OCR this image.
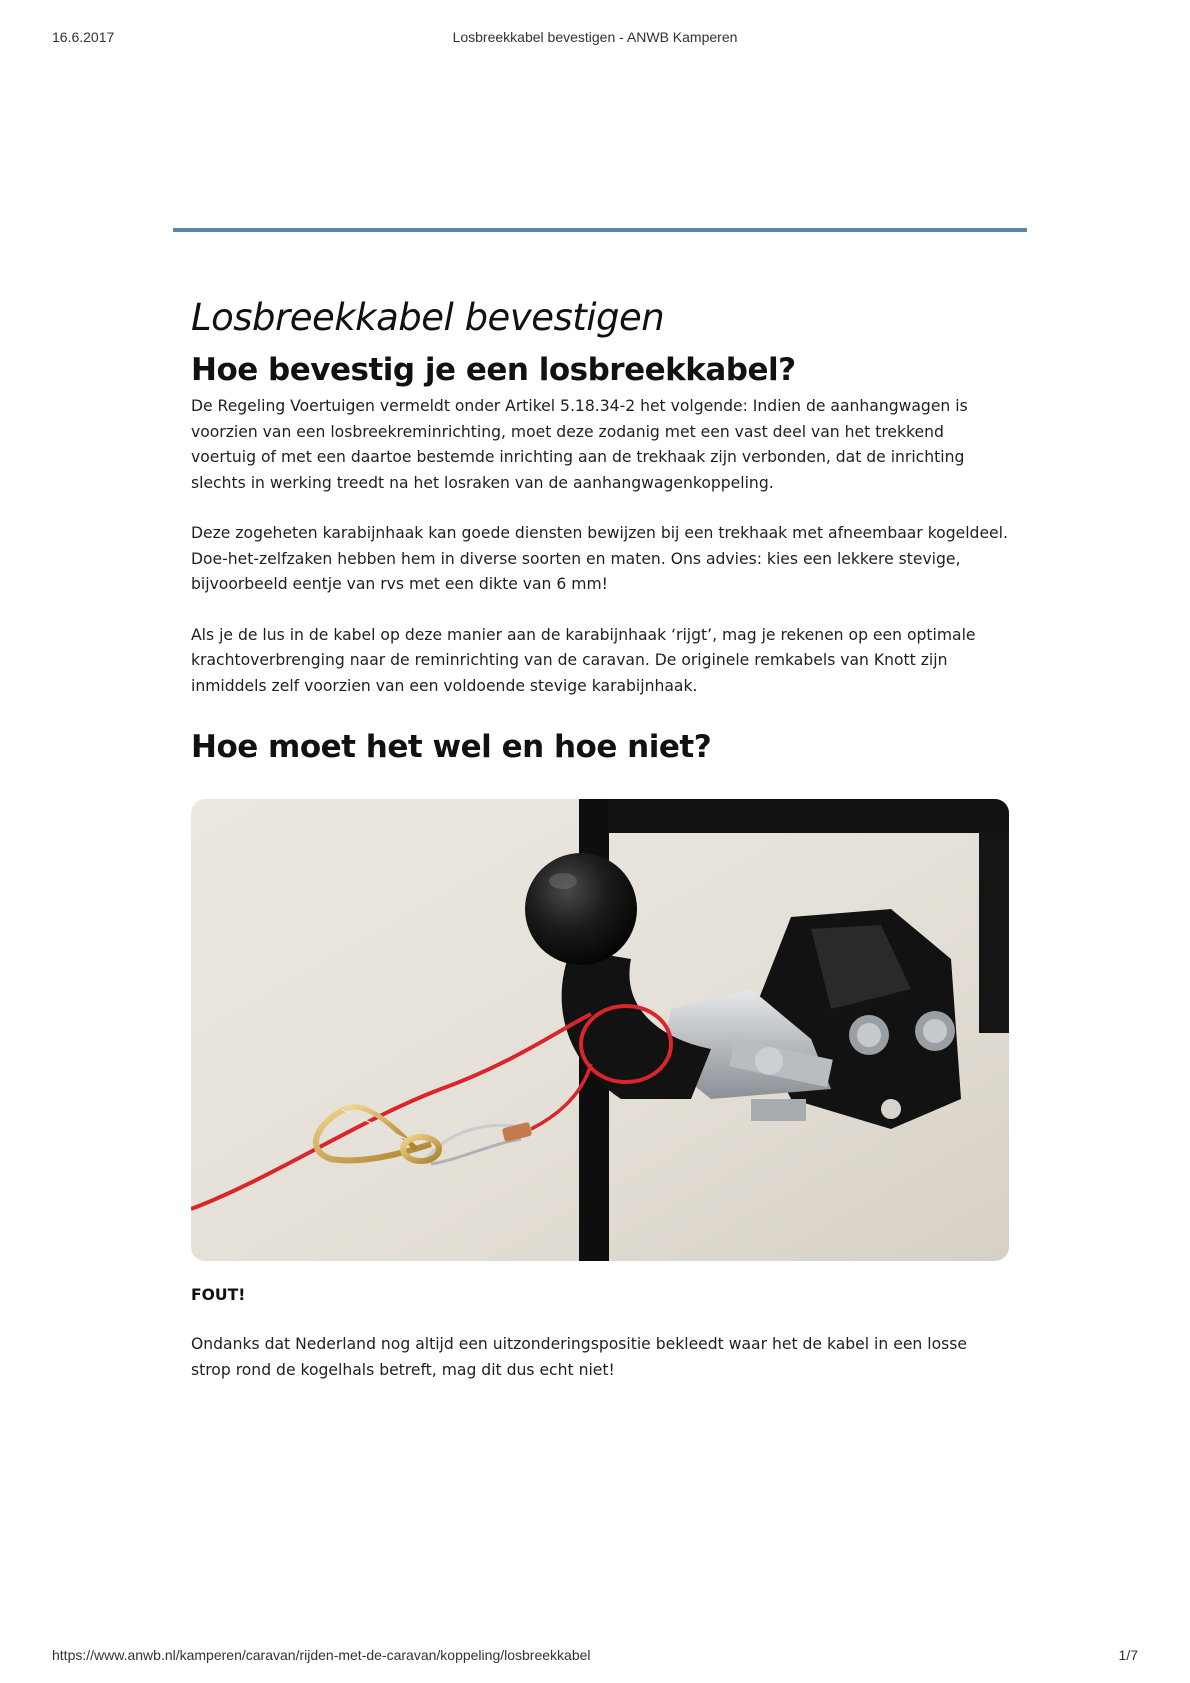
16.6.2017	Losbreekkabel bevestigen - ANWB Kamperen
Losbreekkabel bevestigen
Hoe bevestig je een losbreekkabel?

De Regeling Voertuigen vermeldt onder Artikel 5.18.34-2 het volgende: Indien de aanhangwagen is voorzien van een losbreekreminrichting, moet deze zodanig met een vast deel van het trekkend voertuig of met een daartoe bestemde inrichting aan de trekhaak zijn verbonden, dat de inrichting slechts in werking treedt na het losraken van de aanhangwagenkoppeling.

Deze zogeheten karabijnhaak kan goede diensten bewijzen bij een trekhaak met afneembaar kogeldeel. Doe-het-zelfzaken hebben hem in diverse soorten en maten. Ons advies: kies een lekkere stevige, bijvoorbeeld eentje van rvs met een dikte van 6 mm!

Als je de lus in de kabel op deze manier aan de karabijnhaak ‘rijgt’, mag je rekenen op een optimale krachtoverbrenging naar de reminrichting van de caravan. De originele remkabels van Knott zijn inmiddels zelf voorzien van een voldoende stevige karabijnhaak.

Hoe moet het wel en hoe niet?

FOUT!

Ondanks dat Nederland nog altijd een uitzonderingspositie bekleedt waar het de kabel in een losse strop rond de kogelhals betreft, mag dit dus echt niet!

https://www.anwb.nl/kamperen/caravan/rijden-met-de-caravan/koppeling/losbreekkabel	1/7
